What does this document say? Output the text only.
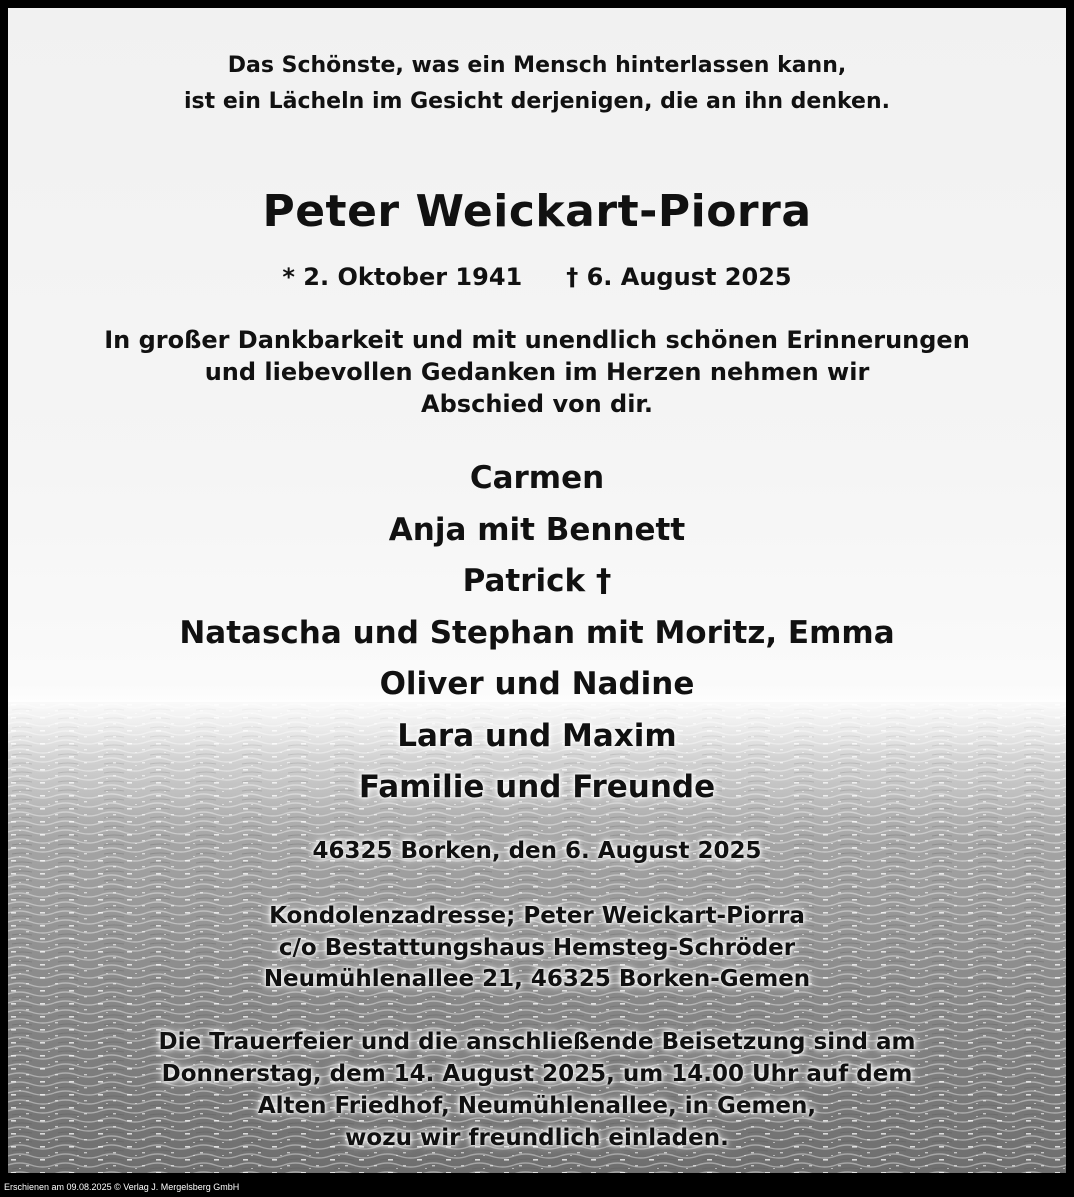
Das Schönste, was ein Mensch hinterlassen kann,
ist ein Lächeln im Gesicht derjenigen, die an ihn denken.

Peter Weickart-Piorra

* 2. Oktober 1941 † 6. August 2025

In großer Dankbarkeit und mit unendlich schönen Erinnerungen
und liebevollen Gedanken im Herzen nehmen wir
Abschied von dir.

Carmen
Anja mit Bennett
Patrick †
Natascha und Stephan mit Moritz, Emma
Oliver und Nadine
Lara und Maxim
Familie und Freunde

46325 Borken, den 6. August 2025

Kondolenzadresse; Peter Weickart-Piorra
c/o Bestattungshaus Hemsteg-Schröder
Neumühlenallee 21, 46325 Borken-Gemen

Die Trauerfeier und die anschließende Beisetzung sind am
Donnerstag, dem 14. August 2025, um 14.00 Uhr auf dem
Alten Friedhof, Neumühlenallee, in Gemen,
wozu wir freundlich einladen.

Erschienen am 09.08.2025 © Verlag J. Mergelsberg GmbH
